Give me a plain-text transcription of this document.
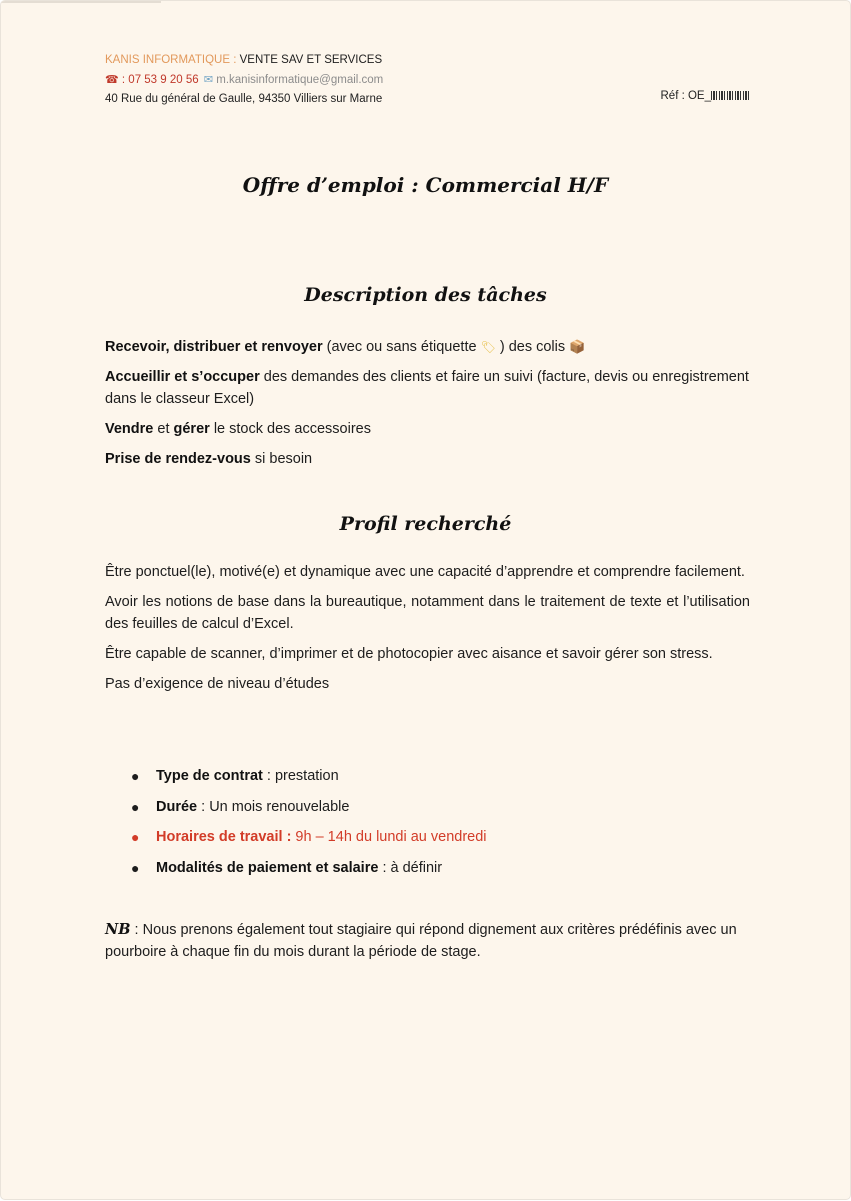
KANIS INFORMATIQUE : VENTE SAV ET SERVICES
☎ : 07 53 9 20 56 ✉ m.kanisinformatique@gmail.com
40 Rue du général de Gaulle, 94350 Villiers sur Marne	Réf : OE_
Offre d’emploi : Commercial H/F
Description des tâches

Recevoir, distribuer et renvoyer (avec ou sans étiquette 🏷 ) des colis 📦

Accueillir et s’occuper des demandes des clients et faire un suivi (facture, devis ou enregistrement dans le classeur Excel)

Vendre et gérer le stock des accessoires

Prise de rendez-vous si besoin

Profil recherché

Être ponctuel(le), motivé(e) et dynamique avec une capacité d’apprendre et comprendre facilement.

Avoir les notions de base dans la bureautique, notamment dans le traitement de texte et l’utilisation des feuilles de calcul d’Excel.

Être capable de scanner, d’imprimer et de photocopier avec aisance et savoir gérer son stress.

Pas d’exigence de niveau d’études

● Type de contrat : prestation
● Durée : Un mois renouvelable
● Horaires de travail : 9h – 14h du lundi au vendredi
● Modalités de paiement et salaire : à définir
NB : Nous prenons également tout stagiaire qui répond dignement aux critères prédéfinis avec un pourboire à chaque fin du mois durant la période de stage.
